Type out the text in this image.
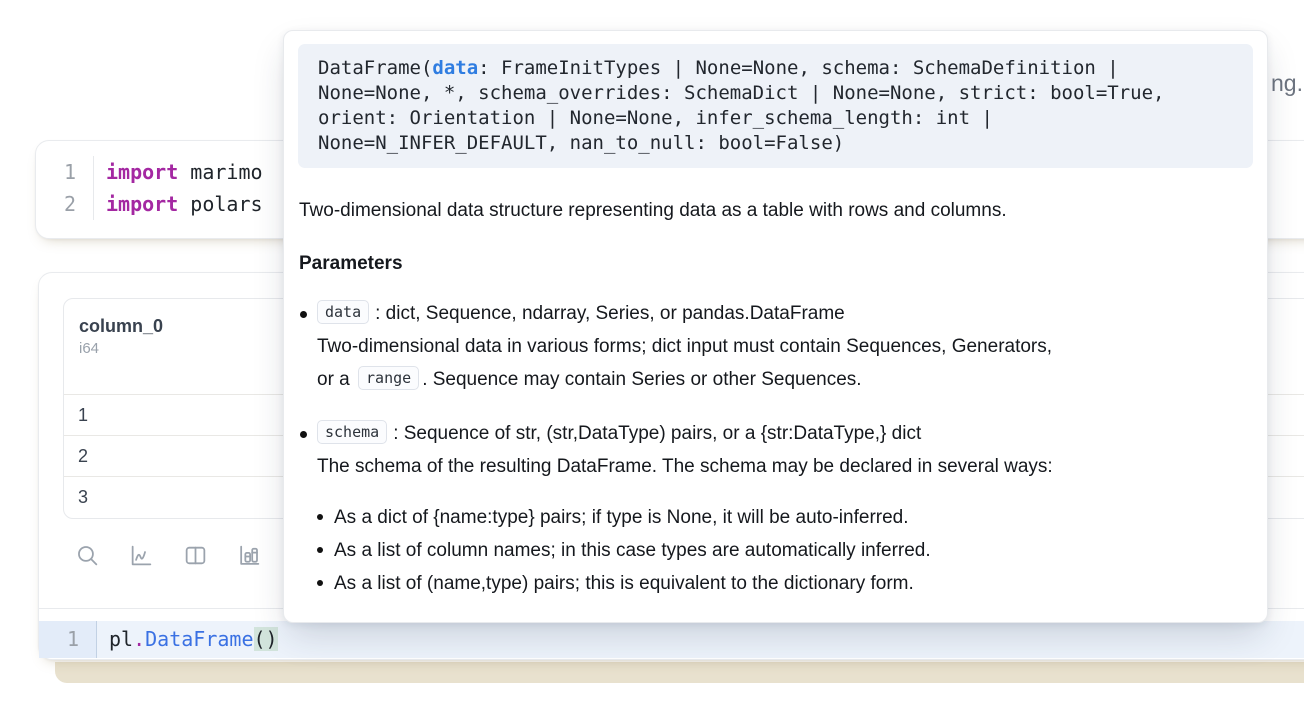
ng.
1	import marimo
2	import polars
column_0
i64
1
2
3
1	pl.DataFrame()
DataFrame(data: FrameInitTypes | None=None, schema: SchemaDefinition | None=None, *, schema_overrides: SchemaDict | None=None, strict: bool=True, orient: Orientation | None=None, infer_schema_length: int | None=N_INFER_DEFAULT, nan_to_null: bool=False)

Two-dimensional data structure representing data as a table with rows and columns.

Parameters
data : dict, Sequence, ndarray, Series, or pandas.DataFrame
Two-dimensional data in various forms; dict input must contain Sequences, Generators, or a range . Sequence may contain Series or other Sequences.
schema : Sequence of str, (str,DataType) pairs, or a {str:DataType,} dict
The schema of the resulting DataFrame. The schema may be declared in several ways:
As a dict of {name:type} pairs; if type is None, it will be auto-inferred.
As a list of column names; in this case types are automatically inferred.
As a list of (name,type) pairs; this is equivalent to the dictionary form.
